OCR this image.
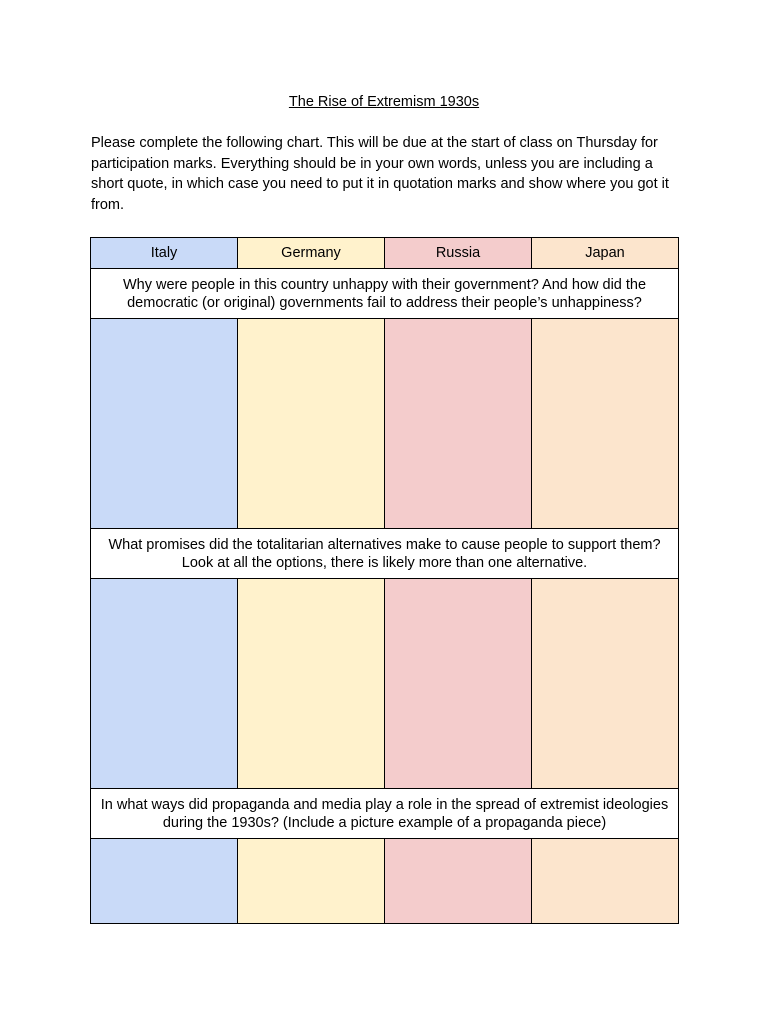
The Rise of Extremism 1930s
Please complete the following chart. This will be due at the start of class on Thursday for participation marks. Everything should be in your own words, unless you are including a short quote, in which case you need to put it in quotation marks and show where you got it from.
Italy	Germany	Russia	Japan
Why were people in this country unhappy with their government? And how did the democratic (or original) governments fail to address their people’s unhappiness?			

What promises did the totalitarian alternatives make to cause people to support them? Look at all the options, there is likely more than one alternative.			

In what ways did propaganda and media play a role in the spread of extremist ideologies during the 1930s? (Include a picture example of a propaganda piece)			
